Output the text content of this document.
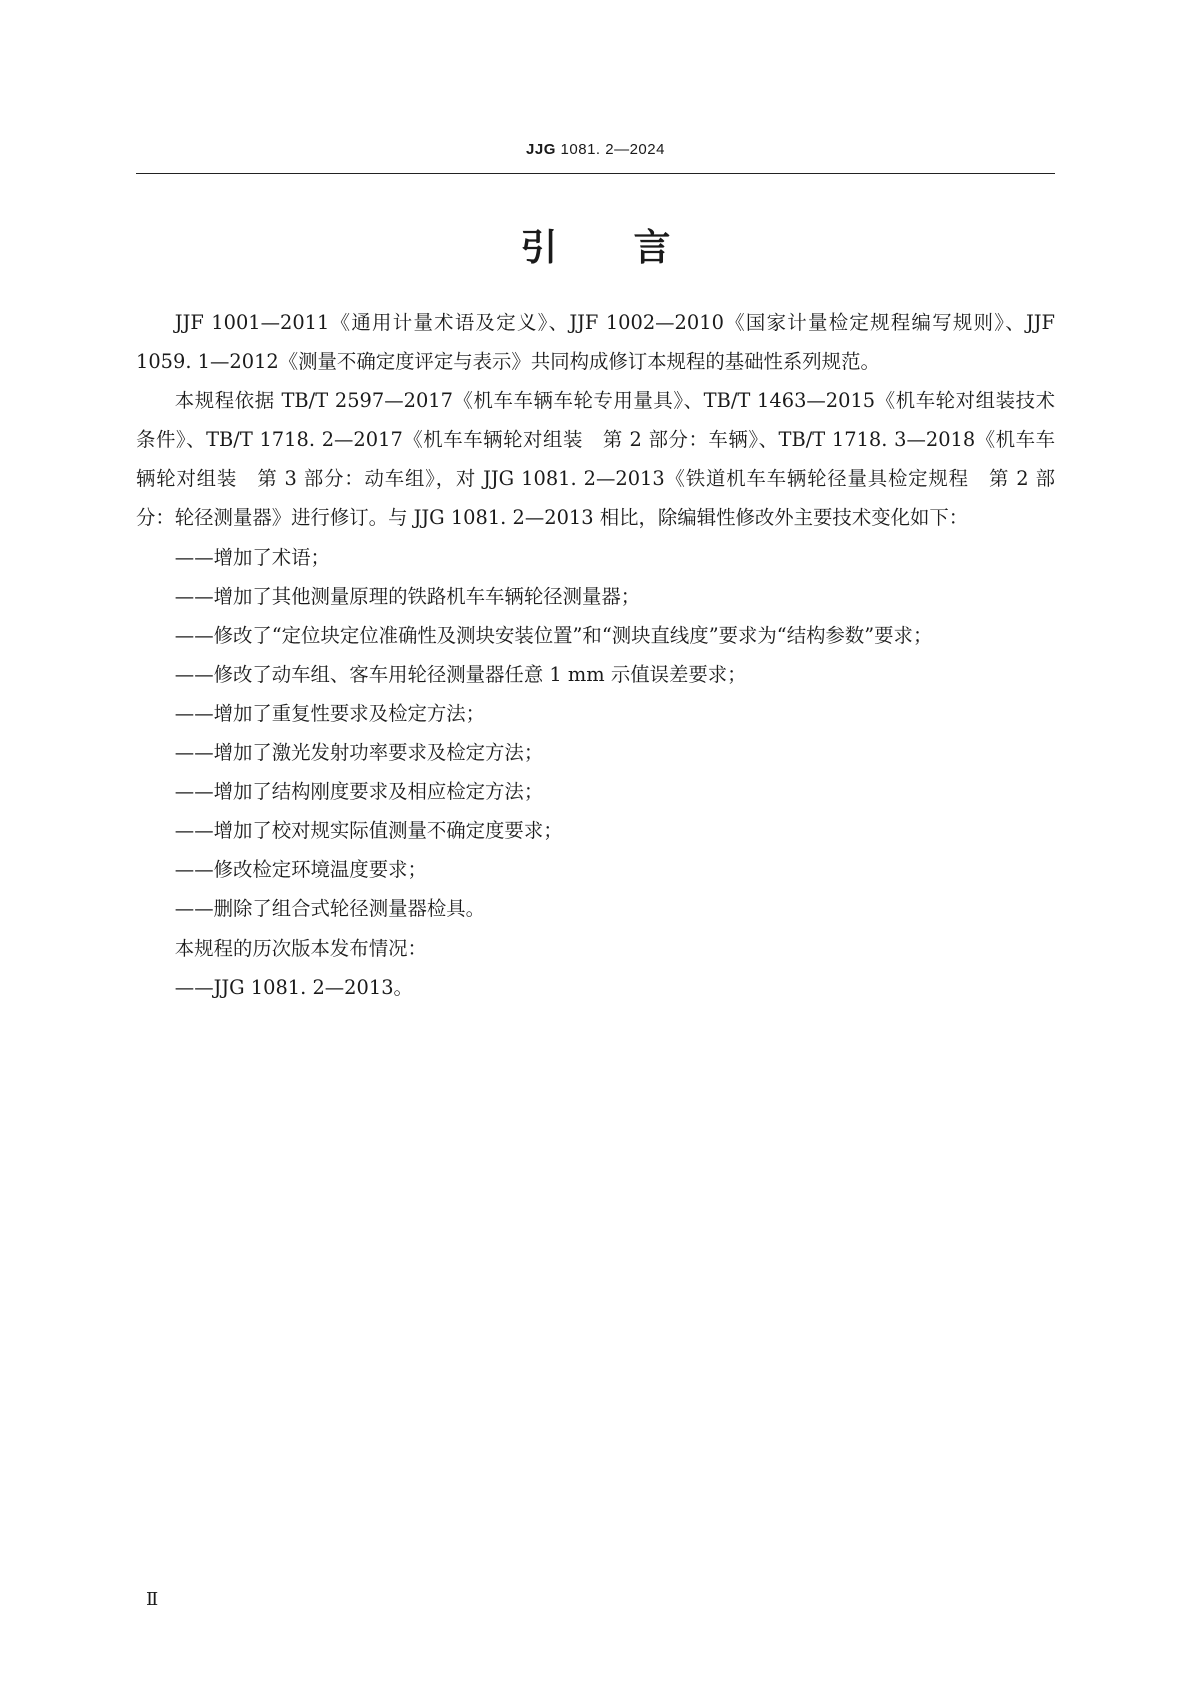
JJG 1081. 2—2024
引言

JJF 1001—2011《通用计量术语及定义》、JJF 1002—2010《国家计量检定规程编写规则》、JJF 1059. 1—2012《测量不确定度评定与表示》共同构成修订本规程的基础性系列规范。

本规程依据 TB/T 2597—2017《机车车辆车轮专用量具》、TB/T 1463—2015《机车轮对组装技术条件》、TB/T 1718. 2—2017《机车车辆轮对组装　第 2 部分：车辆》、TB/T 1718. 3—2018《机车车辆轮对组装　第 3 部分：动车组》，对 JJG 1081. 2—2013《铁道机车车辆轮径量具检定规程　第 2 部分：轮径测量器》进行修订。与 JJG 1081. 2—2013 相比，除编辑性修改外主要技术变化如下：

——增加了术语；

——增加了其他测量原理的铁路机车车辆轮径测量器；

——修改了“定位块定位准确性及测块安装位置”和“测块直线度”要求为“结构参数”要求；

——修改了动车组、客车用轮径测量器任意 1 mm 示值误差要求；

——增加了重复性要求及检定方法；

——增加了激光发射功率要求及检定方法；

——增加了结构刚度要求及相应检定方法；

——增加了校对规实际值测量不确定度要求；

——修改检定环境温度要求；

——删除了组合式轮径测量器检具。

本规程的历次版本发布情况：

——JJG 1081. 2—2013。

Ⅱ
